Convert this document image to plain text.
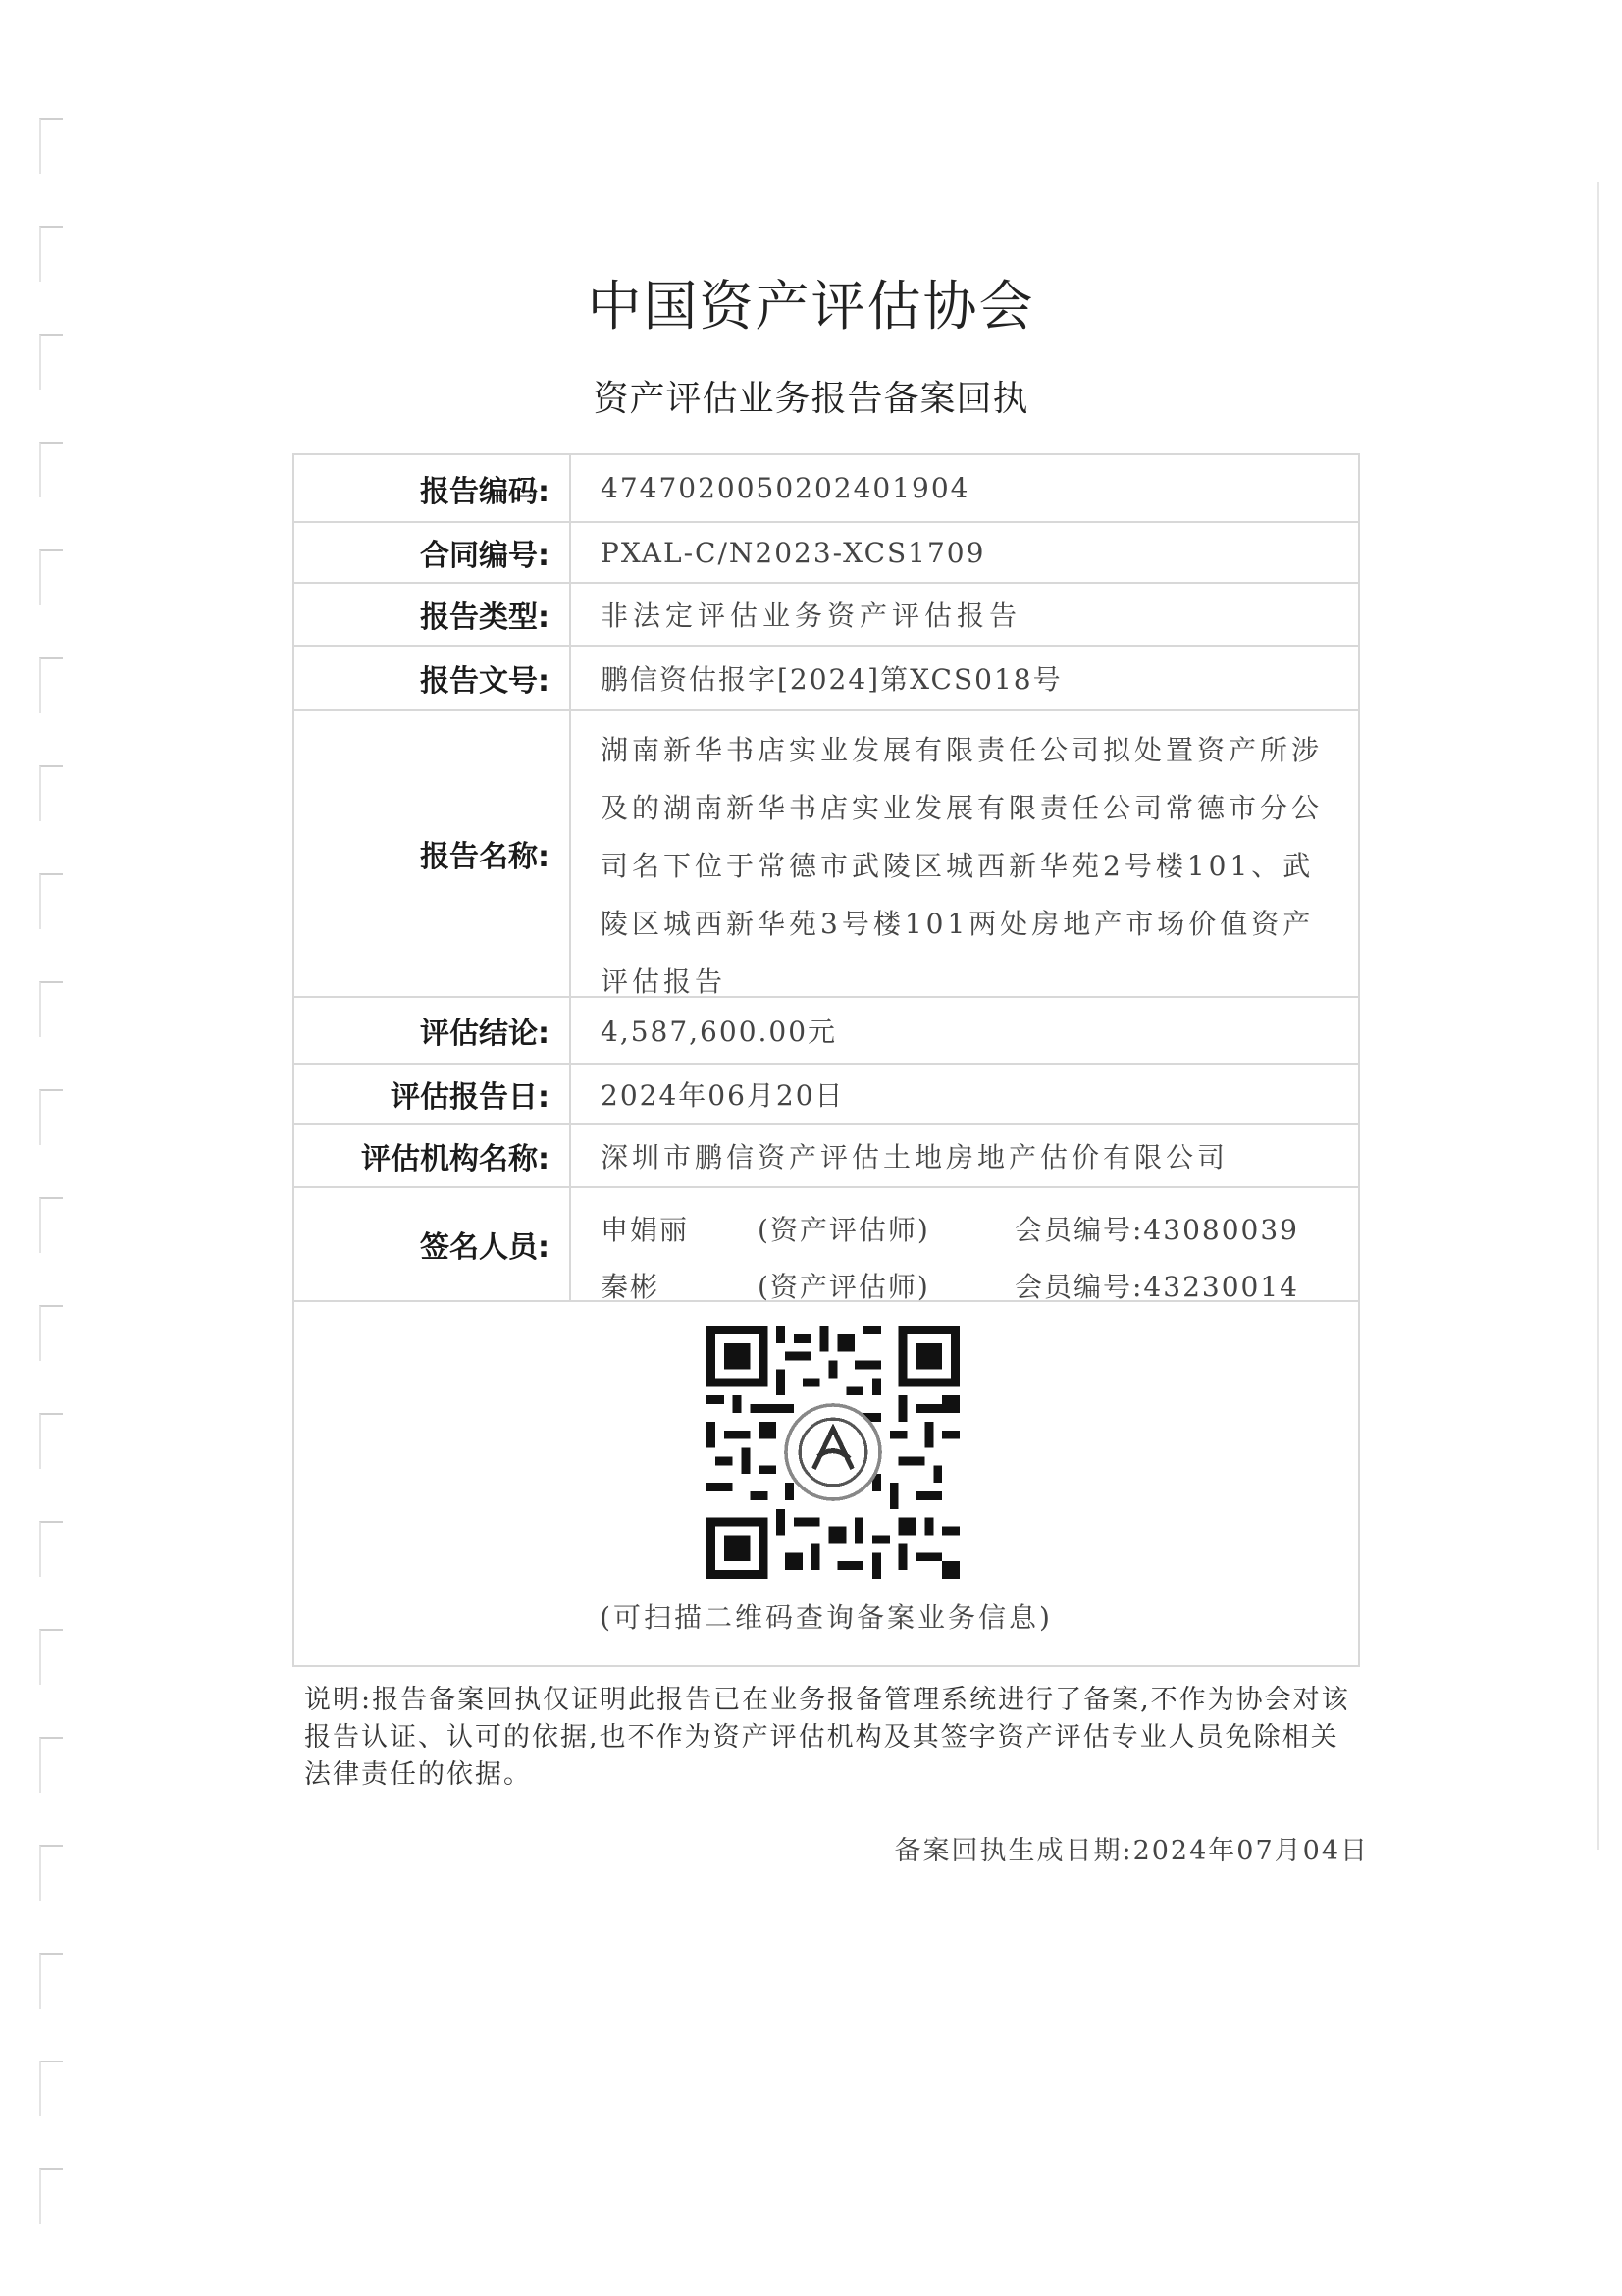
中国资产评估协会
资产评估业务报告备案回执
报告编码:	4747020050202401904
合同编号:	PXAL-C/N2023-XCS1709
报告类型:	非法定评估业务资产评估报告
报告文号:	鹏信资估报字[2024]第XCS018号
报告名称:
湖南新华书店实业发展有限责任公司拟处置资产所涉及的湖南新华书店实业发展有限责任公司常德市分公司名下位于常德市武陵区城西新华苑2号楼101、武陵区城西新华苑3号楼101两处房地产市场价值资产评估报告
评估结论:	4,587,600.00元
评估报告日:	2024年06月20日
评估机构名称:	深圳市鹏信资产评估土地房地产估价有限公司
签名人员:
申娟丽	(资产评估师)	会员编号:43080039
秦彬	(资产评估师)	会员编号:43230014
(可扫描二维码查询备案业务信息)
说明:报告备案回执仅证明此报告已在业务报备管理系统进行了备案,不作为协会对该报告认证、认可的依据,也不作为资产评估机构及其签字资产评估专业人员免除相关法律责任的依据。
备案回执生成日期:2024年07月04日
